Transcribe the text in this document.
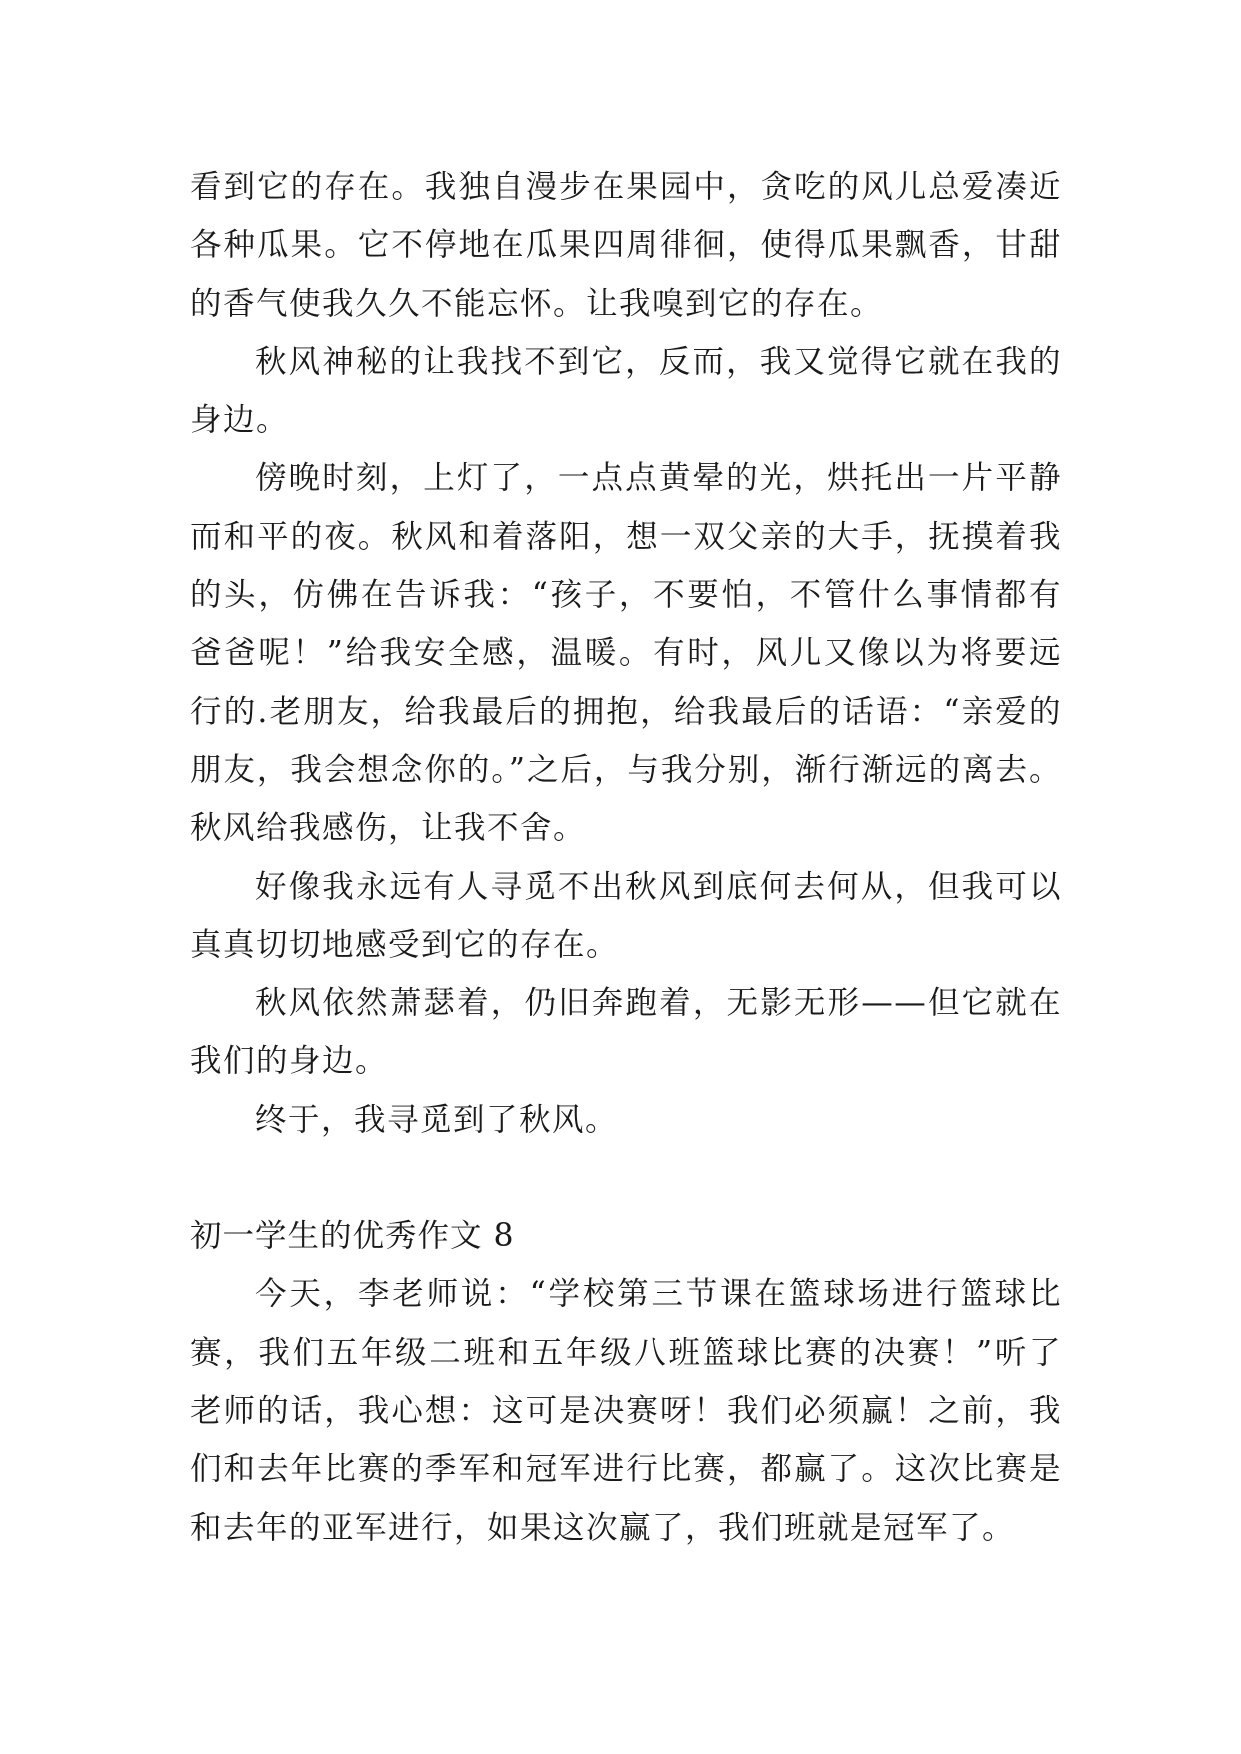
看到它的存在。我独自漫步在果园中，贪吃的风儿总爱凑近各种瓜果。它不停地在瓜果四周徘徊，使得瓜果飘香，甘甜的香气使我久久不能忘怀。让我嗅到它的存在。

秋风神秘的让我找不到它，反而，我又觉得它就在我的身边。

傍晚时刻，上灯了，一点点黄晕的光，烘托出一片平静而和平的夜。秋风和着落阳，想一双父亲的大手，抚摸着我的头，仿佛在告诉我：“孩子，不要怕，不管什么事情都有爸爸呢！”给我安全感，温暖。有时，风儿又像以为将要远行的.老朋友，给我最后的拥抱，给我最后的话语：“亲爱的朋友，我会想念你的。”之后，与我分别，渐行渐远的离去。秋风给我感伤，让我不舍。

好像我永远有人寻觅不出秋风到底何去何从，但我可以真真切切地感受到它的存在。

秋风依然萧瑟着，仍旧奔跑着，无影无形——但它就在我们的身边。

终于，我寻觅到了秋风。

初一学生的优秀作文 8

今天，李老师说：“学校第三节课在篮球场进行篮球比赛，我们五年级二班和五年级八班篮球比赛的决赛！”听了老师的话，我心想：这可是决赛呀！我们必须赢！之前，我们和去年比赛的季军和冠军进行比赛，都赢了。这次比赛是和去年的亚军进行，如果这次赢了，我们班就是冠军了。
